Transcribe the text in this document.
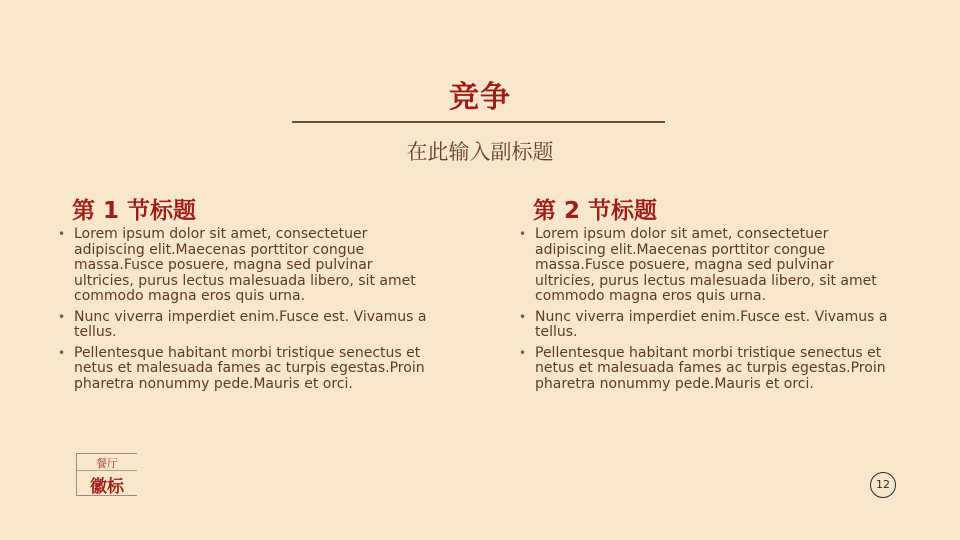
竞争
在此输入副标题
第 1 节标题
• Lorem ipsum dolor sit amet, consectetuer adipiscing elit.Maecenas porttitor congue massa.Fusce posuere, magna sed pulvinar ultricies, purus lectus malesuada libero, sit amet commodo magna eros quis urna.
• Nunc viverra imperdiet enim.Fusce est. Vivamus a tellus.
• Pellentesque habitant morbi tristique senectus et netus et malesuada fames ac turpis egestas.Proin pharetra nonummy pede.Mauris et orci.
第 2 节标题
• Lorem ipsum dolor sit amet, consectetuer adipiscing elit.Maecenas porttitor congue massa.Fusce posuere, magna sed pulvinar ultricies, purus lectus malesuada libero, sit amet commodo magna eros quis urna.
• Nunc viverra imperdiet enim.Fusce est. Vivamus a tellus.
• Pellentesque habitant morbi tristique senectus et netus et malesuada fames ac turpis egestas.Proin pharetra nonummy pede.Mauris et orci.
餐厅
徽标	12
